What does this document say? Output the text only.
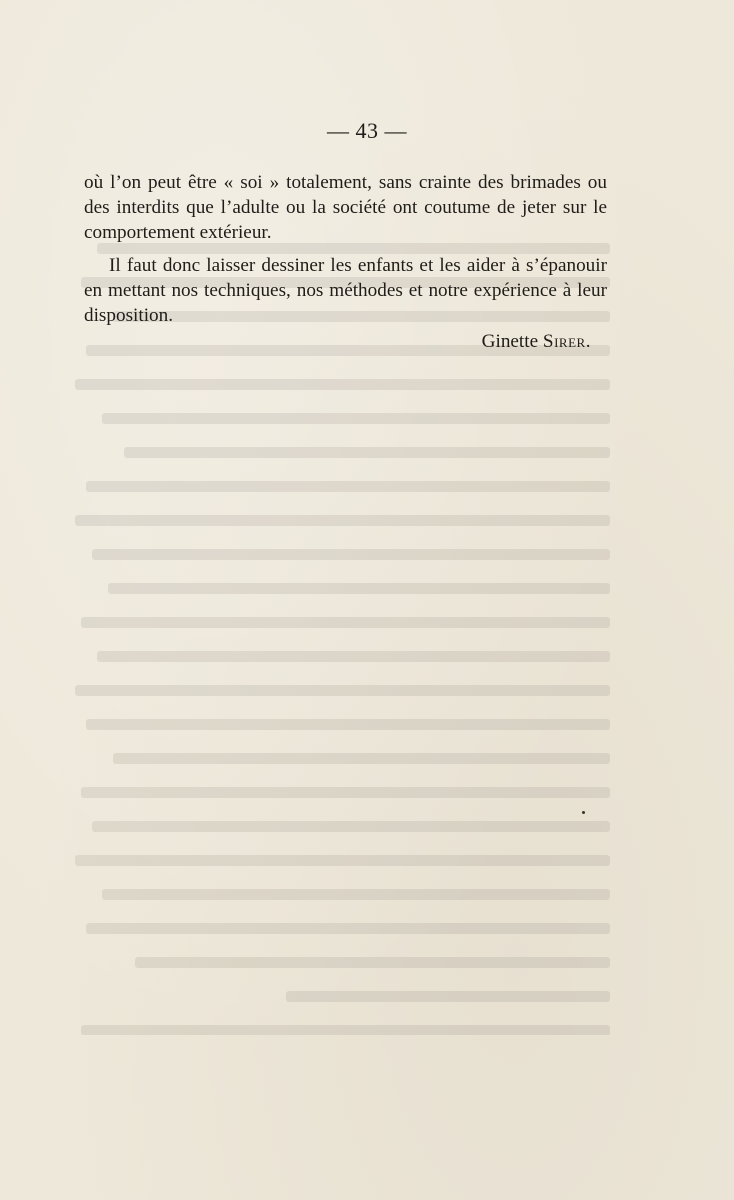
— 43 —

où l’on peut être « soi » totalement, sans crainte des brimades ou des interdits que l’adulte ou la société ont coutume de jeter sur le comportement extérieur.

Il faut donc laisser dessiner les enfants et les aider à s’épanouir en mettant nos techniques, nos méthodes et notre expérience à leur disposition.

Ginette Sirer.
